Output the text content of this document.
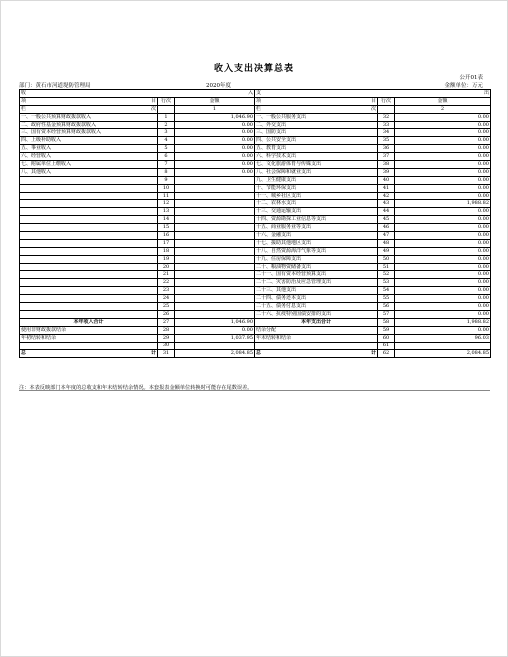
收入支出决算总表
公开01表
部门：黄石市河道堤防管理局	2020年度	金额单位：万元
收 入			支 出		

项 目	行次	金额	项 目	行次	金额
栏 次		1	栏 次		2
一、一般公共预算财政拨款收入	1	1,046.90	一、一般公共服务支出	32	0.00
二、政府性基金预算财政拨款收入	2	0.00	二、外交支出	33	0.00
三、国有资本经营预算财政拨款收入	3	0.00	三、国防支出	34	0.00
四、上级补助收入	4	0.00	四、公共安全支出	35	0.00
五、事业收入	5	0.00	五、教育支出	36	0.00
六、经营收入	6	0.00	六、科学技术支出	37	0.00
七、附属单位上缴收入	7	0.00	七、文化旅游体育与传媒支出	38	0.00
八、其他收入	8	0.00	八、社会保障和就业支出	39	0.00
	9		九、卫生健康支出	40	0.00
	10		十、节能环保支出	41	0.00
	11		十一、城乡社区支出	42	0.00
	12		十二、农林水支出	43	1,988.82
	13		十三、交通运输支出	44	0.00
	14		十四、资源勘探工业信息等支出	45	0.00
	15		十五、商业服务业等支出	46	0.00
	16		十六、金融支出	47	0.00
	17		十七、援助其他地区支出	48	0.00
	18		十八、自然资源海洋气象等支出	49	0.00
	19		十九、住房保障支出	50	0.00
	20		二十、粮油物资储备支出	51	0.00
	21		二十一、国有资本经营预算支出	52	0.00
	22		二十二、灾害防治及应急管理支出	53	0.00
	23		二十三、其他支出	54	0.00
	24		二十四、债务还本支出	55	0.00
	25		二十五、债务付息支出	56	0.00
	26		二十六、抗疫特别国债安排的支出	57	0.00
本年收入合计	27	1,046.90	本年支出合计	58	1,988.82
使用非财政拨款结余	28	0.00	结余分配	59	0.00
年初结转和结余	29	1,037.95	年末结转和结余	60	96.03
	30			61	
总 计	31	2,084.85	总 计	62	2,084.85
注：本表反映部门本年度的总收支和年末结转结余情况。本套报表金额单位转换时可能存在尾数误差。
